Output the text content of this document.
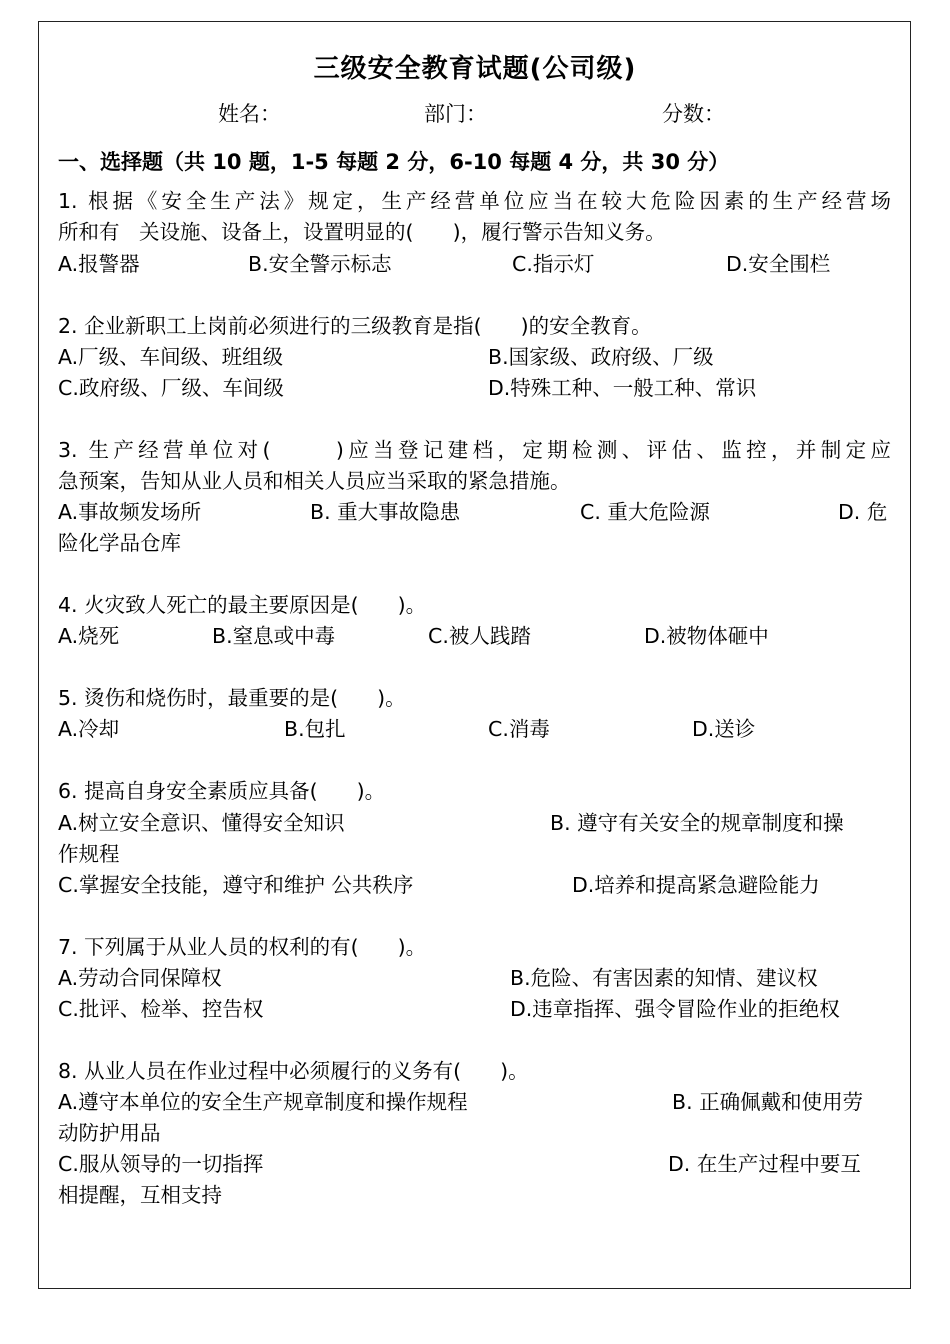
三级安全教育试题(公司级)
姓名：	部门：	分数：
一、选择题（共 10 题，1-5 每题 2 分，6-10 每题 4 分，共 30 分）
1. 根据《安全生产法》规定，生产经营单位应当在较大危险因素的生产经营场
所和有   关设施、设备上，设置明显的(      )，履行警示告知义务。
A.报警器	B.安全警示标志	C.指示灯	D.安全围栏
2. 企业新职工上岗前必须进行的三级教育是指(      )的安全教育。
A.厂级、车间级、班组级	B.国家级、政府级、厂级
C.政府级、厂级、车间级	D.特殊工种、一般工种、常识
3. 生产经营单位对(      )应当登记建档，定期检测、评估、监控，并制定应
急预案，告知从业人员和相关人员应当采取的紧急措施。
A.事故频发场所	B. 重大事故隐患	C. 重大危险源	D. 危
险化学品仓库
4. 火灾致人死亡的最主要原因是(      )。
A.烧死	B.窒息或中毒	C.被人践踏	D.被物体砸中
5. 烫伤和烧伤时，最重要的是(      )。
A.冷却	B.包扎	C.消毒	D.送诊
6. 提高自身安全素质应具备(      )。
A.树立安全意识、懂得安全知识	B. 遵守有关安全的规章制度和操
作规程
C.掌握安全技能，遵守和维护 公共秩序	D.培养和提高紧急避险能力
7. 下列属于从业人员的权利的有(      )。
A.劳动合同保障权	B.危险、有害因素的知情、建议权
C.批评、检举、控告权	D.违章指挥、强令冒险作业的拒绝权
8. 从业人员在作业过程中必须履行的义务有(      )。
A.遵守本单位的安全生产规章制度和操作规程	B. 正确佩戴和使用劳
动防护用品
C.服从领导的一切指挥	D. 在生产过程中要互
相提醒，互相支持
